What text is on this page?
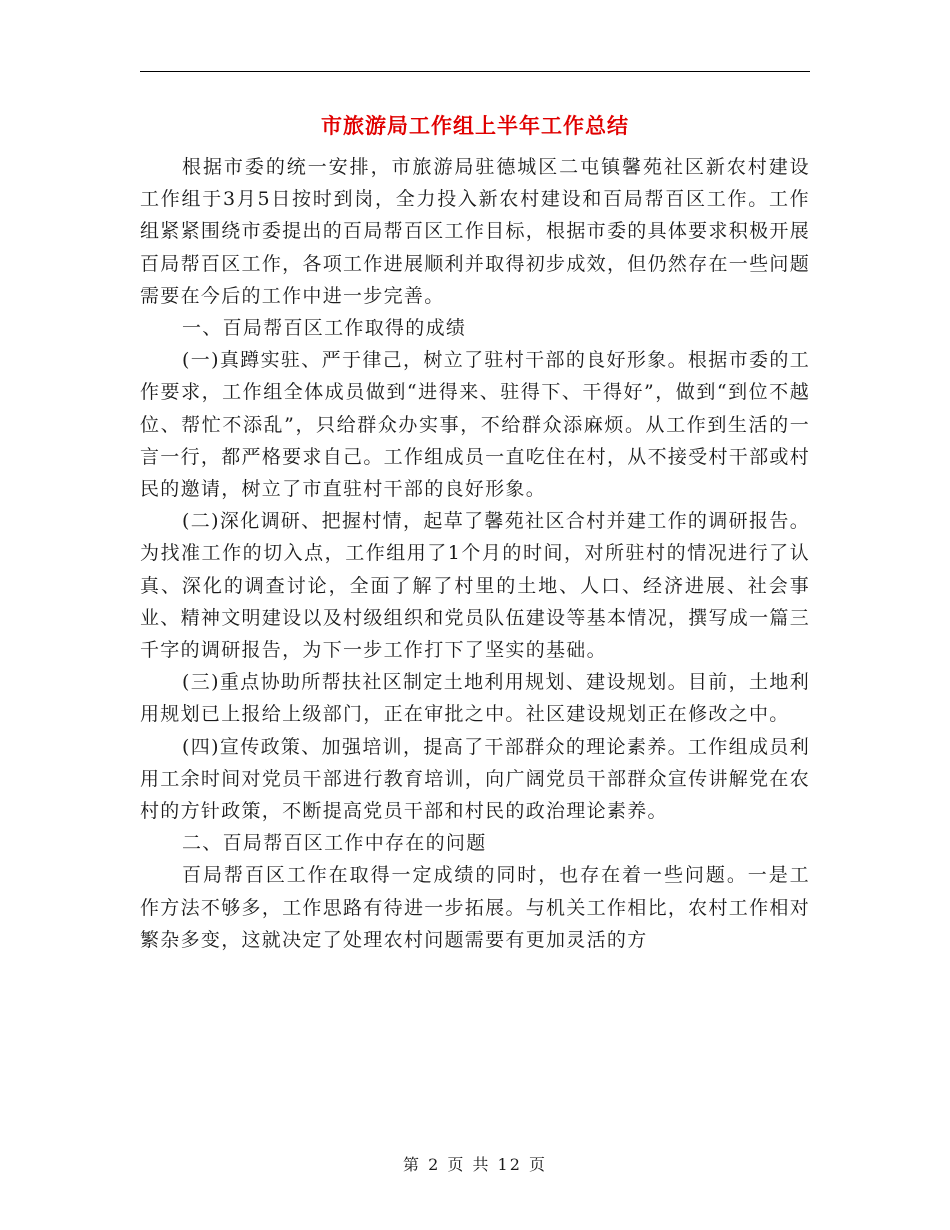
市旅游局工作组上半年工作总结

根据市委的统一安排，市旅游局驻德城区二屯镇馨苑社区新农村建设工作组于3月5日按时到岗，全力投入新农村建设和百局帮百区工作。工作组紧紧围绕市委提出的百局帮百区工作目标，根据市委的具体要求积极开展百局帮百区工作，各项工作进展顺利并取得初步成效，但仍然存在一些问题需要在今后的工作中进一步完善。

一、百局帮百区工作取得的成绩

(一)真蹲实驻、严于律己，树立了驻村干部的良好形象。根据市委的工作要求，工作组全体成员做到“进得来、驻得下、干得好”，做到“到位不越位、帮忙不添乱”，只给群众办实事，不给群众添麻烦。从工作到生活的一言一行，都严格要求自己。工作组成员一直吃住在村，从不接受村干部或村民的邀请，树立了市直驻村干部的良好形象。

(二)深化调研、把握村情，起草了馨苑社区合村并建工作的调研报告。为找准工作的切入点，工作组用了1个月的时间，对所驻村的情况进行了认真、深化的调查讨论，全面了解了村里的土地、人口、经济进展、社会事业、精神文明建设以及村级组织和党员队伍建设等基本情况，撰写成一篇三千字的调研报告，为下一步工作打下了坚实的基础。

(三)重点协助所帮扶社区制定土地利用规划、建设规划。目前，土地利用规划已上报给上级部门，正在审批之中。社区建设规划正在修改之中。

(四)宣传政策、加强培训，提高了干部群众的理论素养。工作组成员利用工余时间对党员干部进行教育培训，向广阔党员干部群众宣传讲解党在农村的方针政策，不断提高党员干部和村民的政治理论素养。

二、百局帮百区工作中存在的问题

百局帮百区工作在取得一定成绩的同时，也存在着一些问题。一是工作方法不够多，工作思路有待进一步拓展。与机关工作相比，农村工作相对繁杂多变，这就决定了处理农村问题需要有更加灵活的方

第 2 页 共 12 页
